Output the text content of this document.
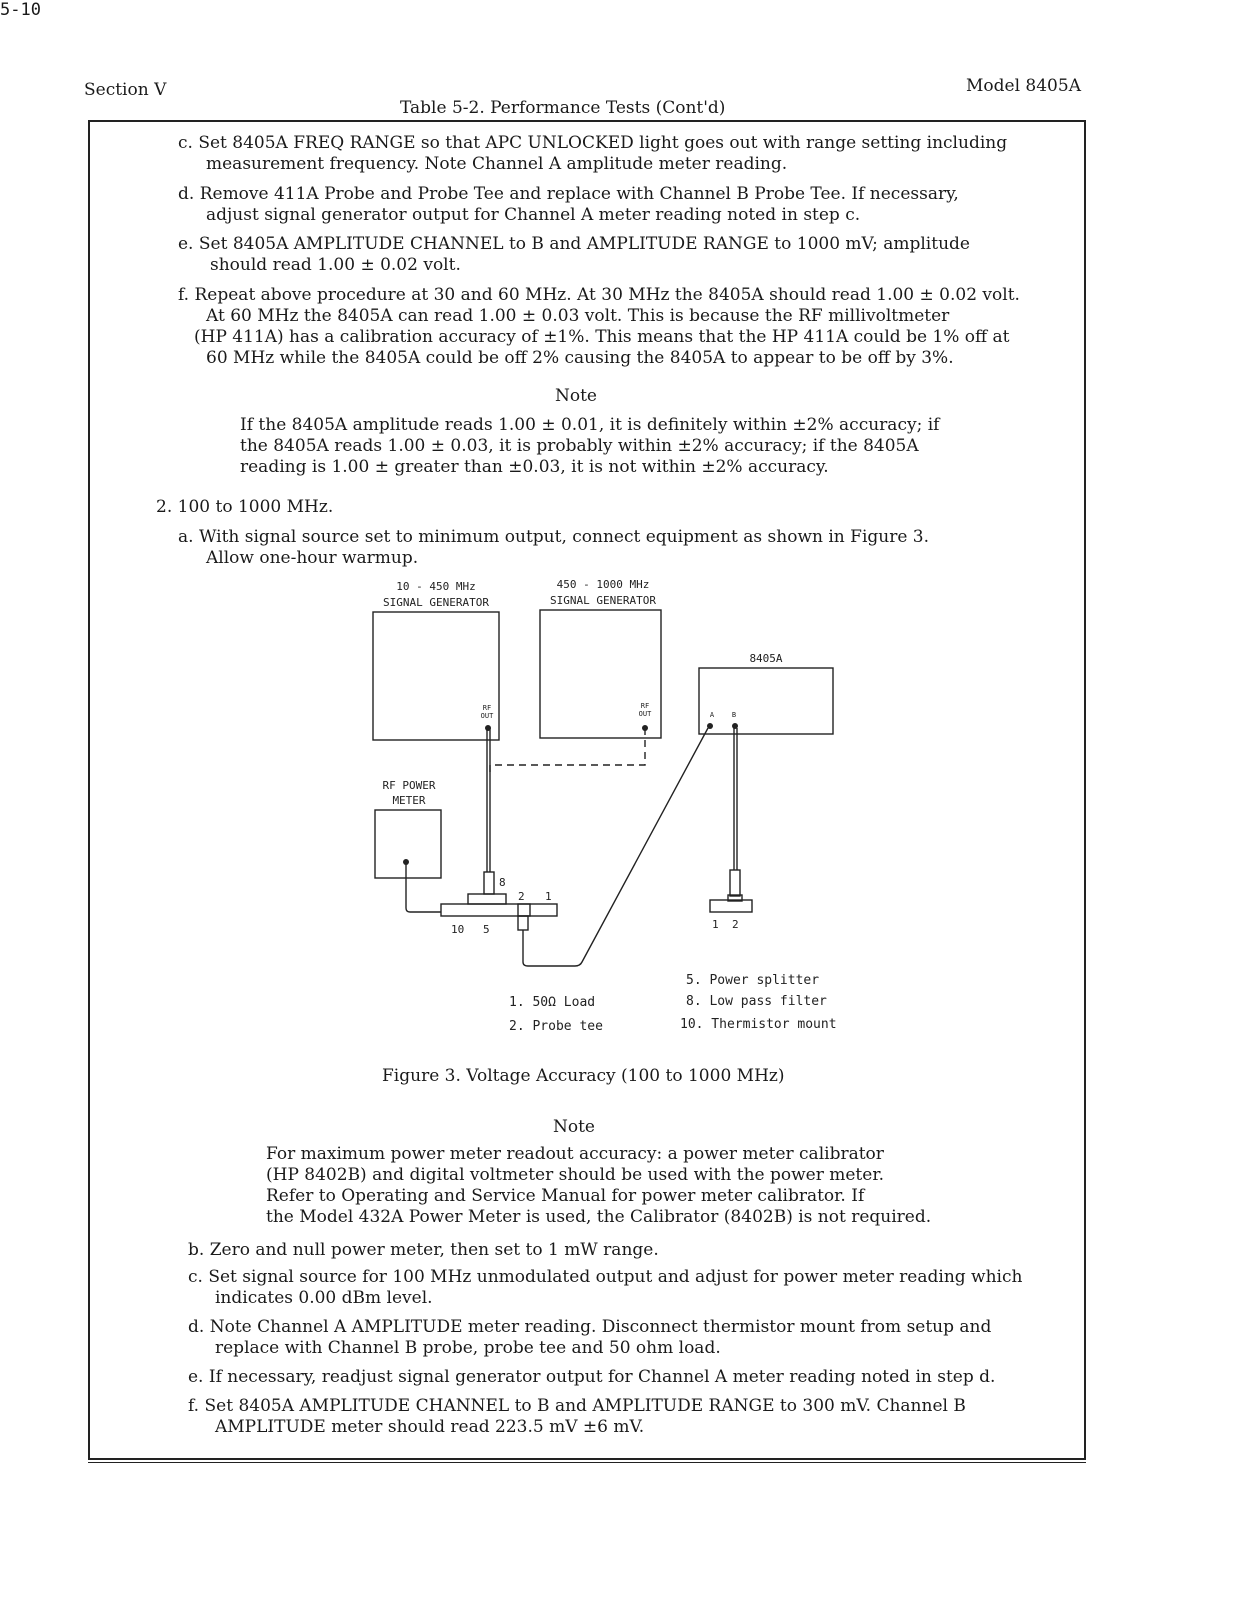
Section V	Model 8405A
Table 5-2. Performance Tests (Cont'd)
c. Set 8405A FREQ RANGE so that APC UNLOCKED light goes out with range setting including
measurement frequency. Note Channel A amplitude meter reading.
d. Remove 411A Probe and Probe Tee and replace with Channel B Probe Tee. If necessary,
adjust signal generator output for Channel A meter reading noted in step c.
e. Set 8405A AMPLITUDE CHANNEL to B and AMPLITUDE RANGE to 1000 mV; amplitude
should read 1.00 ± 0.02 volt.
f. Repeat above procedure at 30 and 60 MHz. At 30 MHz the 8405A should read 1.00 ± 0.02 volt.
At 60 MHz the 8405A can read 1.00 ± 0.03 volt. This is because the RF millivoltmeter
(HP 411A) has a calibration accuracy of ±1%. This means that the HP 411A could be 1% off at
60 MHz while the 8405A could be off 2% causing the 8405A to appear to be off by 3%.
Note
If the 8405A amplitude reads 1.00 ± 0.01, it is definitely within ±2% accuracy; if
the 8405A reads 1.00 ± 0.03, it is probably within ±2% accuracy; if the 8405A
reading is 1.00 ± greater than ±0.03, it is not within ±2% accuracy.
2. 100 to 1000 MHz.
a. With signal source set to minimum output, connect equipment as shown in Figure 3.
Allow one-hour warmup.
10 - 450 MHz
SIGNAL GENERATOR
450 - 1000 MHz
SIGNAL GENERATOR
RF
OUT
RF
OUT
8405A
A	B
RF POWER
METER
8
2 1
10 5	1 2
1. 50Ω Load
2. Probe tee
5. Power splitter
8. Low pass filter
10. Thermistor mount
Figure 3. Voltage Accuracy (100 to 1000 MHz)
Note
For maximum power meter readout accuracy: a power meter calibrator
(HP 8402B) and digital voltmeter should be used with the power meter.
Refer to Operating and Service Manual for power meter calibrator. If
the Model 432A Power Meter is used, the Calibrator (8402B) is not required.
b. Zero and null power meter, then set to 1 mW range.
c. Set signal source for 100 MHz unmodulated output and adjust for power meter reading which
indicates 0.00 dBm level.
d. Note Channel A AMPLITUDE meter reading. Disconnect thermistor mount from setup and
replace with Channel B probe, probe tee and 50 ohm load.
e. If necessary, readjust signal generator output for Channel A meter reading noted in step d.
f. Set 8405A AMPLITUDE CHANNEL to B and AMPLITUDE RANGE to 300 mV. Channel B
AMPLITUDE meter should read 223.5 mV ±6 mV.
5-10
